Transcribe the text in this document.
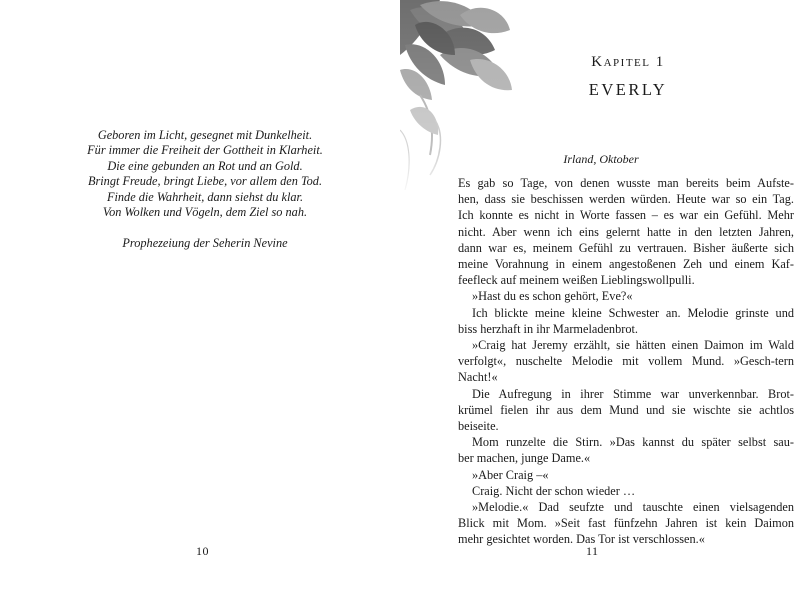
Geboren im Licht, gesegnet mit Dunkelheit.
Für immer die Freiheit der Gottheit in Klarheit.
Die eine gebunden an Rot und an Gold.
Bringt Freude, bringt Liebe, vor allem den Tod.
Finde die Wahrheit, dann siehst du klar.
Von Wolken und Vögeln, dem Ziel so nah.
Prophezeiung der Seherin Nevine
10
Kapitel 1
EVERLY
Irland, Oktober
Es gab so Tage, von denen wusste man bereits beim Aufste-
hen, dass sie beschissen werden würden. Heute war so ein Tag.
Ich konnte es nicht in Worte fassen – es war ein Gefühl. Mehr
nicht. Aber wenn ich eins gelernt hatte in den letzten Jahren,
dann war es, meinem Gefühl zu vertrauen. Bisher äußerte sich
meine Vorahnung in einem angestoßenen Zeh und einem Kaf-
feefleck auf meinem weißen Lieblingswollpulli.
»Hast du es schon gehört, Eve?«
Ich blickte meine kleine Schwester an. Melodie grinste und
biss herzhaft in ihr Marmeladenbrot.
»Craig hat Jeremy erzählt, sie hätten einen Daimon im Wald
verfolgt«, nuschelte Melodie mit vollem Mund. »Gesch-tern
Nacht!«
Die Aufregung in ihrer Stimme war unverkennbar. Brot-
krümel fielen ihr aus dem Mund und sie wischte sie achtlos
beiseite.
Mom runzelte die Stirn. »Das kannst du später selbst sau-
ber machen, junge Dame.«
»Aber Craig –«
Craig. Nicht der schon wieder …
»Melodie.« Dad seufzte und tauschte einen vielsagenden
Blick mit Mom. »Seit fast fünfzehn Jahren ist kein Daimon
mehr gesichtet worden. Das Tor ist verschlossen.«
11
